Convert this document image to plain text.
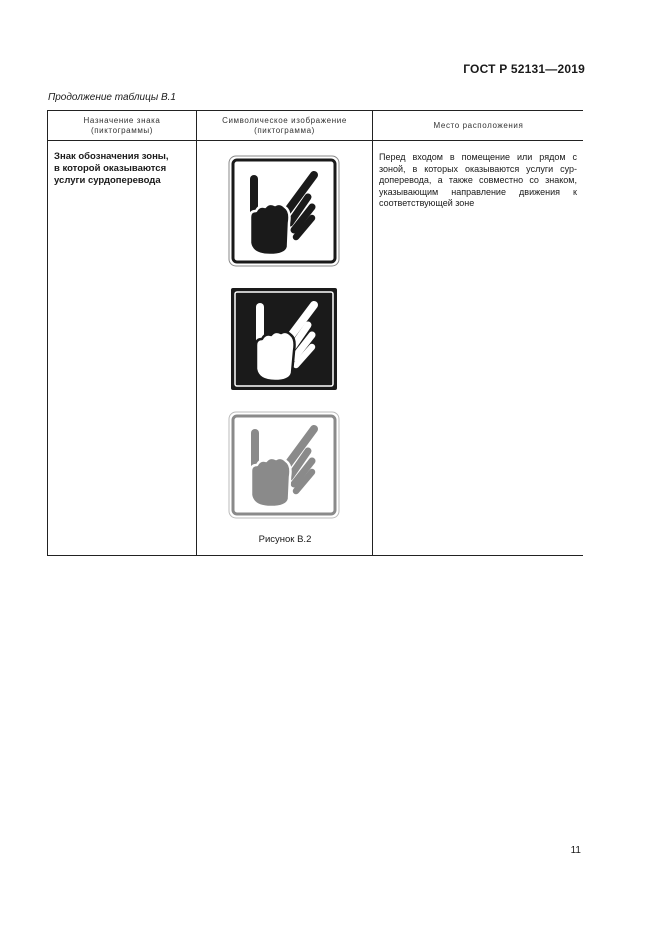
ГОСТ Р 52131—2019
Продолжение таблицы В.1
Назначение знака
(пиктограммы)
Символическое изображение
(пиктограмма)
Место расположения
Знак обозначения зоны,
в которой оказываются
услуги сурдоперевода
Рисунок В.2
Перед входом в помещение или рядом с зоной, в которых оказываются услуги сур-доперевода, а также совместно со знаком, указывающим направление движения к соответствующей зоне
11
